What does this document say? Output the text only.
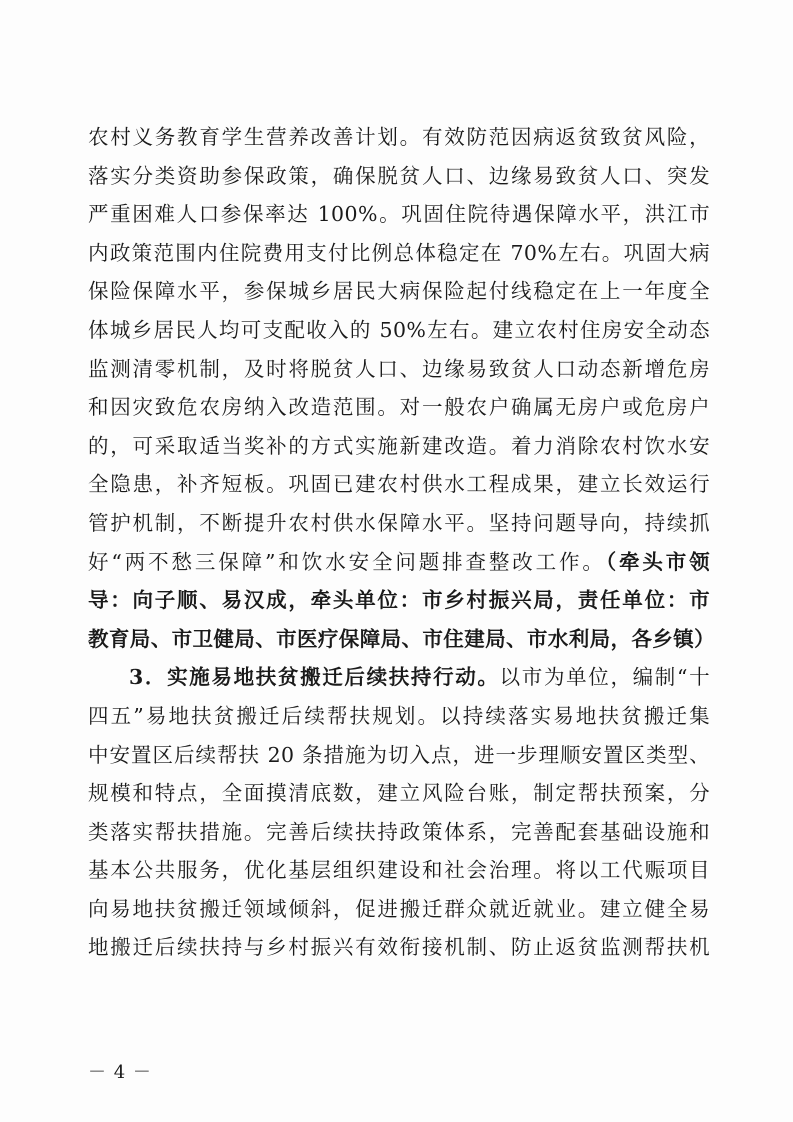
农村义务教育学生营养改善计划。有效防范因病返贫致贫风险，
落实分类资助参保政策，确保脱贫人口、边缘易致贫人口、突发
严重困难人口参保率达 100%。巩固住院待遇保障水平，洪江市
内政策范围内住院费用支付比例总体稳定在 70%左右。巩固大病
保险保障水平，参保城乡居民大病保险起付线稳定在上一年度全
体城乡居民人均可支配收入的 50%左右。建立农村住房安全动态
监测清零机制，及时将脱贫人口、边缘易致贫人口动态新增危房
和因灾致危农房纳入改造范围。对一般农户确属无房户或危房户
的，可采取适当奖补的方式实施新建改造。着力消除农村饮水安
全隐患，补齐短板。巩固已建农村供水工程成果，建立长效运行
管护机制，不断提升农村供水保障水平。坚持问题导向，持续抓
好“两不愁三保障”和饮水安全问题排查整改工作。（牵头市领
导：向子顺、易汉成，牵头单位：市乡村振兴局，责任单位：市
教育局、市卫健局、市医疗保障局、市住建局、市水利局，各乡镇）
3．实施易地扶贫搬迁后续扶持行动。以市为单位，编制“十
四五”易地扶贫搬迁后续帮扶规划。以持续落实易地扶贫搬迁集
中安置区后续帮扶 20 条措施为切入点，进一步理顺安置区类型、
规模和特点，全面摸清底数，建立风险台账，制定帮扶预案，分
类落实帮扶措施。完善后续扶持政策体系，完善配套基础设施和
基本公共服务，优化基层组织建设和社会治理。将以工代赈项目
向易地扶贫搬迁领域倾斜，促进搬迁群众就近就业。建立健全易
地搬迁后续扶持与乡村振兴有效衔接机制、防止返贫监测帮扶机
－ 4 －
